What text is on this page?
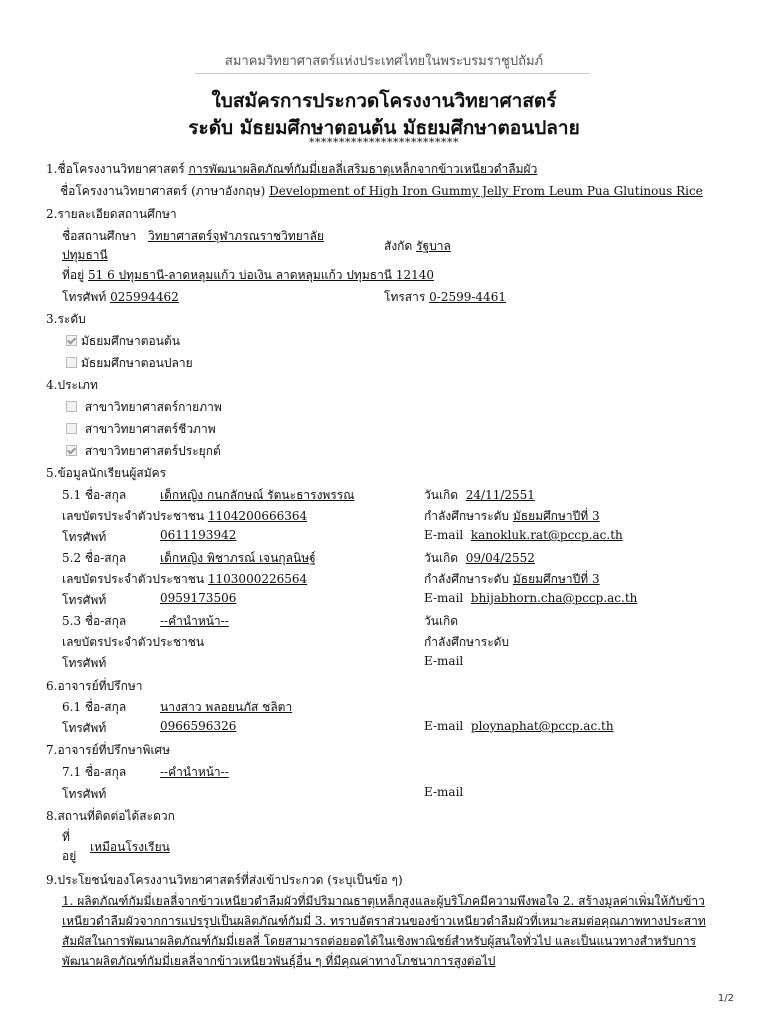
สมาคมวิทยาศาสตร์แห่งประเทศไทยในพระบรมราชูปถัมภ์
ใบสมัครการประกวดโครงงานวิทยาศาสตร์
ระดับ มัธยมศึกษาตอนต้น มัธยมศึกษาตอนปลาย
*************************
1.ชื่อโครงงานวิทยาศาสตร์ การพัฒนาผลิตภัณฑ์กัมมี่เยลลี่เสริมธาตุเหล็กจากข้าวเหนียวดำลืมผัว
ชื่อโครงงานวิทยาศาสตร์ (ภาษาอังกฤษ) Development of High Iron Gummy Jelly From Leum Pua Glutinous Rice
2.รายละเอียดสถานศึกษา
ชื่อสถานศึกษา วิทยาศาสตร์จุฬาภรณราชวิทยาลัย
ปทุมธานี
สังกัด รัฐบาล
ที่อยู่ 51 6 ปทุมธานี-ลาดหลุมแก้ว บ่อเงิน ลาดหลุมแก้ว ปทุมธานี 12140
โทรศัพท์ 025994462	โทรสาร 0-2599-4461
3.ระดับ
มัธยมศึกษาตอนต้น
มัธยมศึกษาตอนปลาย
4.ประเภท
สาขาวิทยาศาสตร์กายภาพ
สาขาวิทยาศาสตร์ชีวภาพ
สาขาวิทยาศาสตร์ประยุกต์
5.ข้อมูลนักเรียนผู้สมัคร
5.1 ชื่อ-สกุล	เด็กหญิง กนกลักษณ์ รัตนะธารงพรรณ	วันเกิด 24/11/2551
เลขบัตรประจำตัวประชาชน 1104200666364	กำลังศึกษาระดับ มัธยมศึกษาปีที่ 3
โทรศัพท์	0611193942	E-mail kanokluk.rat@pccp.ac.th
5.2 ชื่อ-สกุล	เด็กหญิง พิชาภรณ์ เจนกุลนิษฐ์	วันเกิด 09/04/2552
เลขบัตรประจำตัวประชาชน 1103000226564	กำลังศึกษาระดับ มัธยมศึกษาปีที่ 3
โทรศัพท์	0959173506	E-mail bhijabhorn.cha@pccp.ac.th
5.3 ชื่อ-สกุล	--คำนำหน้า--	วันเกิด
เลขบัตรประจำตัวประชาชน	กำลังศึกษาระดับ
โทรศัพท์	E-mail
6.อาจารย์ที่ปรึกษา
6.1 ชื่อ-สกุล	นางสาว พลอยนภัส ชลิตา
โทรศัพท์	0966596326	E-mail ploynaphat@pccp.ac.th
7.อาจารย์ที่ปรึกษาพิเศษ
7.1 ชื่อ-สกุล	--คำนำหน้า--
โทรศัพท์	E-mail
8.สถานที่ติดต่อได้สะดวก
ที่
อยู่
เหมือนโรงเรียน
9.ประโยชน์ของโครงงานวิทยาศาสตร์ที่ส่งเข้าประกวด (ระบุเป็นข้อ ๆ)
1. ผลิตภัณฑ์กัมมี่เยลลี่จากข้าวเหนียวดำลืมผัวที่มีปริมาณธาตุเหล็กสูงและผู้บริโภคมีความพึงพอใจ 2. สร้างมูลค่าเพิ่มให้กับข้าวเหนียวดำลืมผัวจากการแปรรูปเป็นผลิตภัณฑ์กัมมี่ 3. ทราบอัตราส่วนของข้าวเหนียวดำลืมผัวที่เหมาะสมต่อคุณภาพทางประสาทสัมผัสในการพัฒนาผลิตภัณฑ์กัมมี่เยลลี่ โดยสามารถต่อยอดได้ในเชิงพาณิชย์สำหรับผู้สนใจทั่วไป และเป็นแนวทางสำหรับการพัฒนาผลิตภัณฑ์กัมมี่เยลลี่จากข้าวเหนียวพันธุ์อื่น ๆ ที่มีคุณค่าทางโภชนาการสูงต่อไป
1/2
